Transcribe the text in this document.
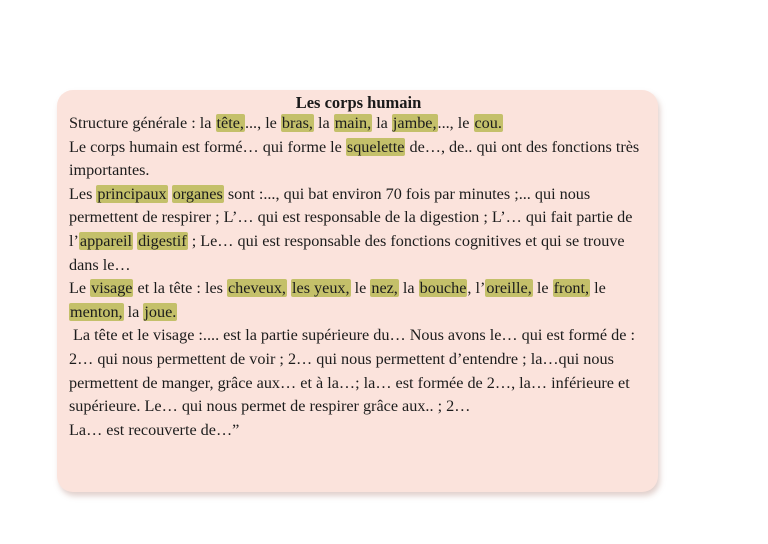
Les corps humain

Structure générale : la tête,..., le bras, la main, la jambe,..., le cou.

Le corps humain est formé… qui forme le squelette de…, de.. qui ont des fonctions très importantes.

Les principaux organes sont :..., qui bat environ 70 fois par minutes ;... qui nous permettent de respirer ; L’… qui est responsable de la digestion ; L’… qui fait partie de l’appareil digestif ; Le… qui est responsable des fonctions cognitives et qui se trouve dans le…

Le visage et la tête : les cheveux, les yeux, le nez, la bouche, l’oreille, le front, le menton, la joue.

La tête et le visage :.... est la partie supérieure du… Nous avons le… qui est formé de : 2… qui nous permettent de voir ; 2… qui nous permettent d’entendre ; la…qui nous permettent de manger, grâce aux… et à la…; la… est formée de 2…, la… inférieure et supérieure. Le… qui nous permet de respirer grâce aux.. ; 2…

La… est recouverte de…”
